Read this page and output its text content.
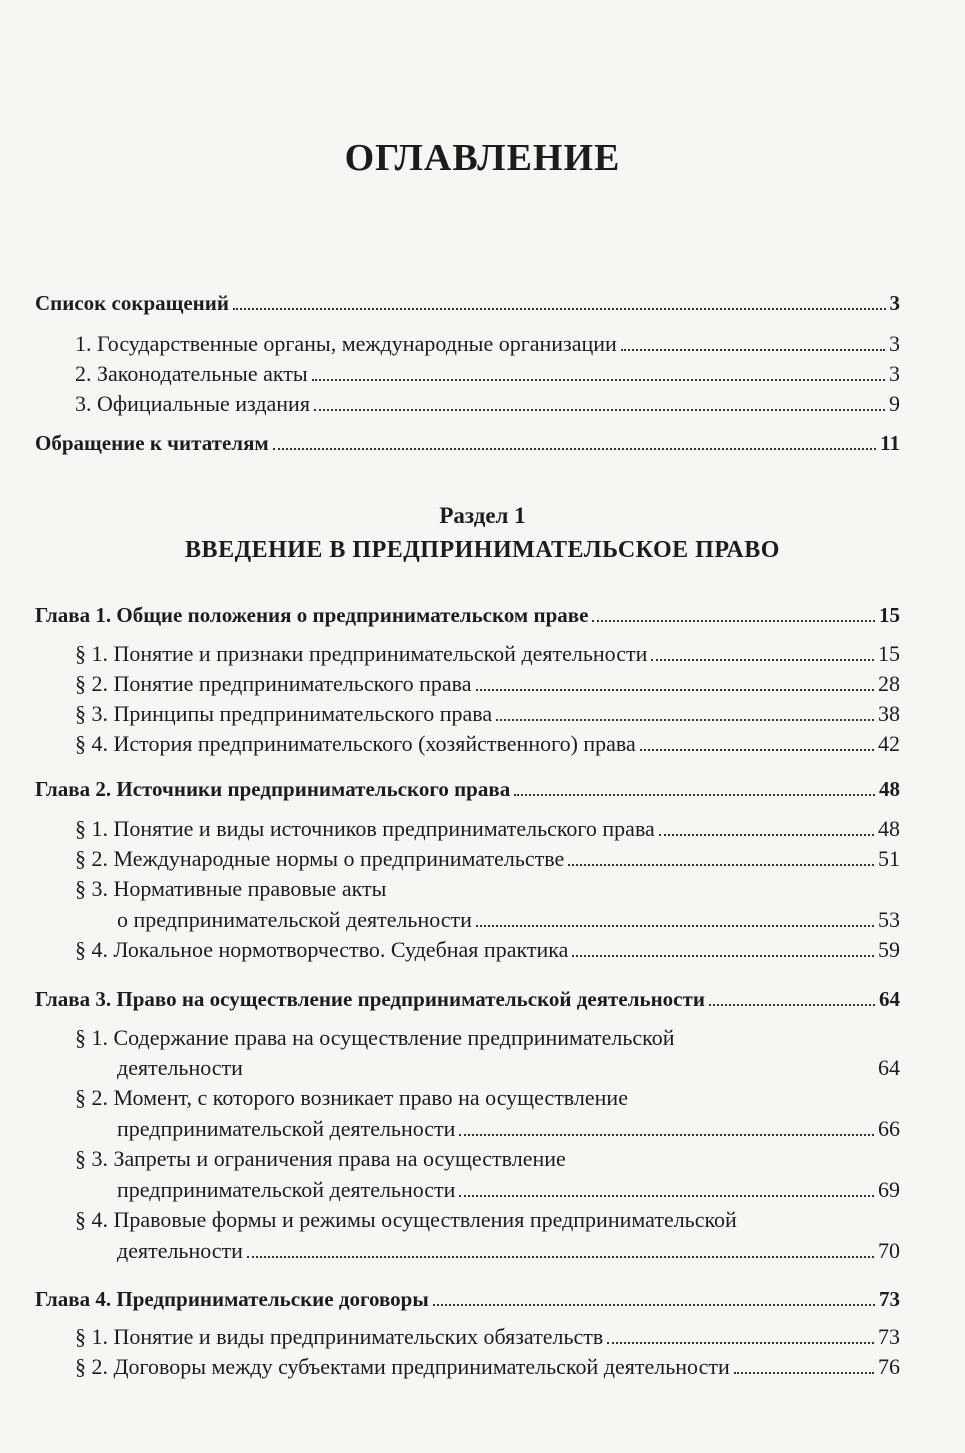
ОГЛАВЛЕНИЕ
Список сокращений	3
1. Государственные органы, международные организации	3
2. Законодательные акты	3
3. Официальные издания	9
Обращение к читателям	11
Раздел 1
ВВЕДЕНИЕ В ПРЕДПРИНИМАТЕЛЬСКОЕ ПРАВО
Глава 1. Общие положения о предпринимательском праве	15
§ 1. Понятие и признаки предпринимательской деятельности	15
§ 2. Понятие предпринимательского права	28
§ 3. Принципы предпринимательского права	38
§ 4. История предпринимательского (хозяйственного) права	42
Глава 2. Источники предпринимательского права	48
§ 1. Понятие и виды источников предпринимательского права	48
§ 2. Международные нормы о предпринимательстве	51
§ 3. Нормативные правовые акты
о предпринимательской деятельности	53
§ 4. Локальное нормотворчество. Судебная практика	59
Глава 3. Право на осуществление предпринимательской деятельности	64
§ 1. Содержание права на осуществление предпринимательской
деятельности	64
§ 2. Момент, с которого возникает право на осуществление
предпринимательской деятельности	66
§ 3. Запреты и ограничения права на осуществление
предпринимательской деятельности	69
§ 4. Правовые формы и режимы осуществления предпринимательской
деятельности	70
Глава 4. Предпринимательские договоры	73
§ 1. Понятие и виды предпринимательских обязательств	73
§ 2. Договоры между субъектами предпринимательской деятельности	76
